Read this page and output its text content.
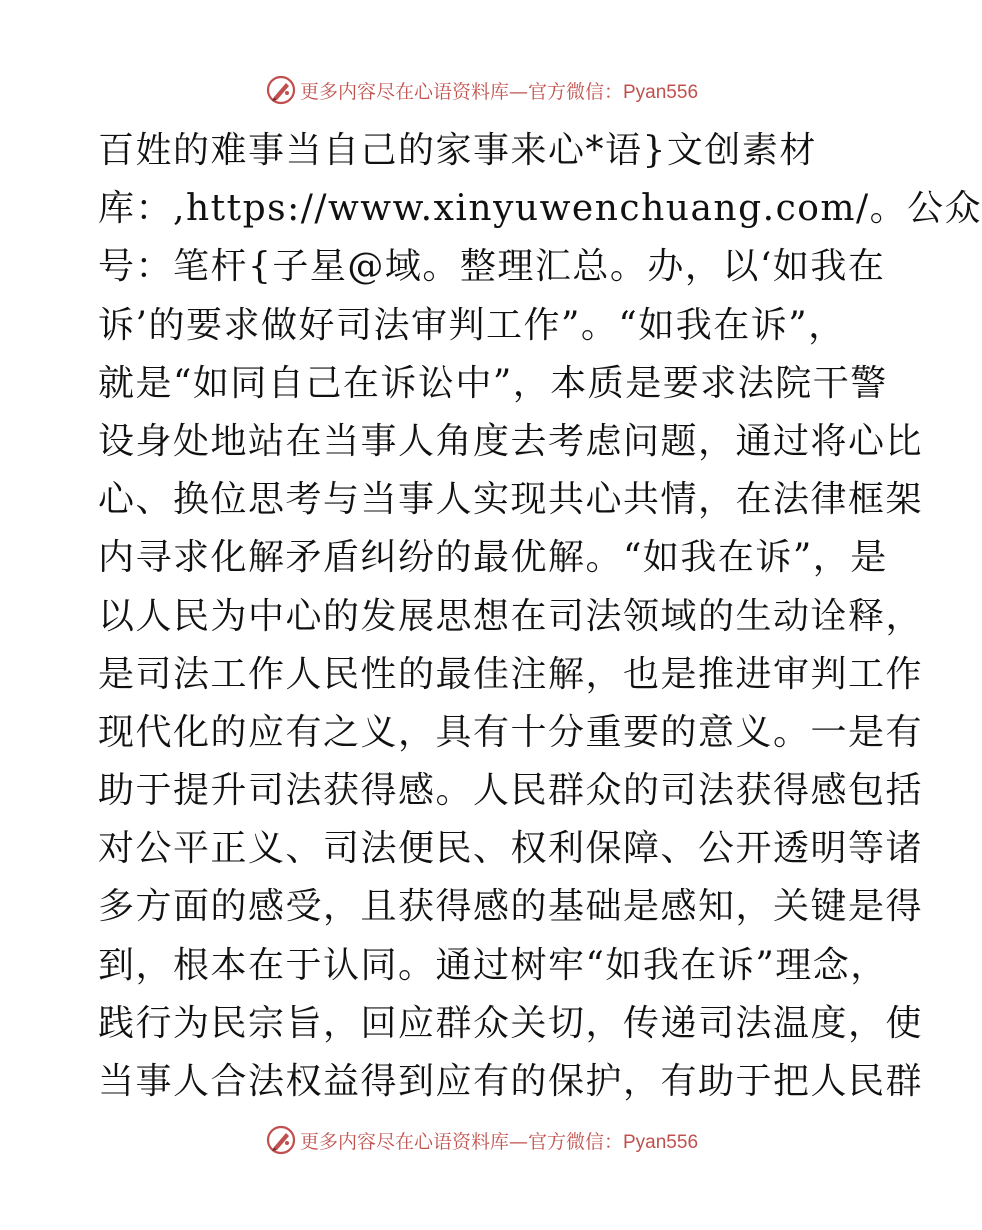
更多内容尽在心语资料库—官方微信：Pyan556
百姓的难事当自己的家事来心*语}文创素材
库：,https://www.xinyuwenchuang.com/。公众
号：笔杆{子星@域。整理汇总。办，以‘如我在
诉’的要求做好司法审判工作”。“如我在诉”，
就是“如同自己在诉讼中”，本质是要求法院干警
设身处地站在当事人角度去考虑问题，通过将心比
心、换位思考与当事人实现共心共情，在法律框架
内寻求化解矛盾纠纷的最优解。“如我在诉”，是
以人民为中心的发展思想在司法领域的生动诠释，
是司法工作人民性的最佳注解，也是推进审判工作
现代化的应有之义，具有十分重要的意义。一是有
助于提升司法获得感。人民群众的司法获得感包括
对公平正义、司法便民、权利保障、公开透明等诸
多方面的感受，且获得感的基础是感知，关键是得
到，根本在于认同。通过树牢“如我在诉”理念，
践行为民宗旨，回应群众关切，传递司法温度，使
当事人合法权益得到应有的保护，有助于把人民群
更多内容尽在心语资料库—官方微信：Pyan556
